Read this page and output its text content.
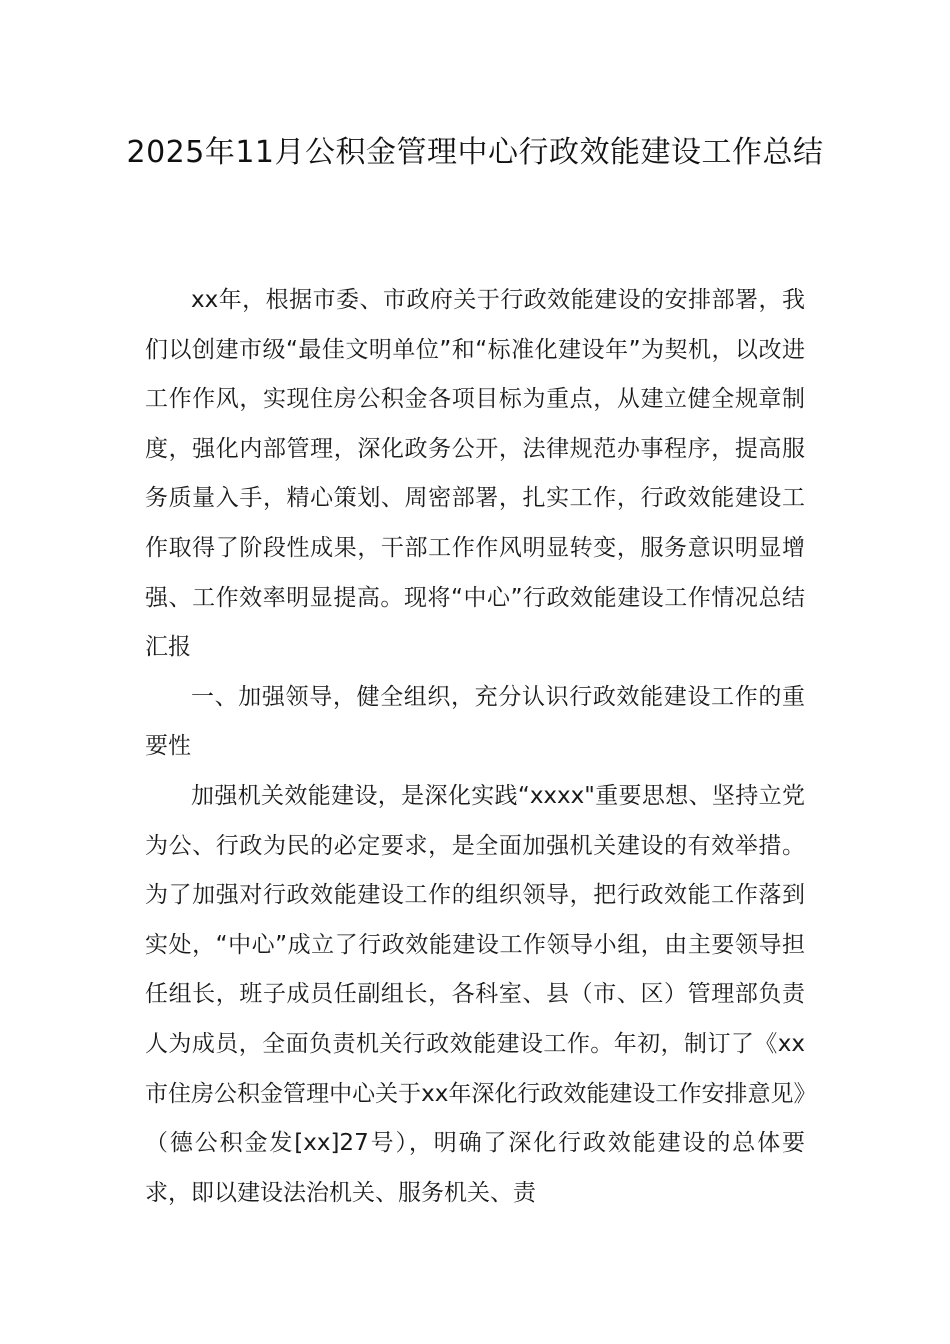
2025年11月公积金管理中心行政效能建设工作总结

xx年，根据市委、市政府关于行政效能建设的安排部署，我们以创建市级“最佳文明单位”和“标准化建设年”为契机，以改进工作作风，实现住房公积金各项目标为重点，从建立健全规章制度，强化内部管理，深化政务公开，法律规范办事程序，提高服务质量入手，精心策划、周密部署，扎实工作，行政效能建设工作取得了阶段性成果，干部工作作风明显转变，服务意识明显增强、工作效率明显提高。现将“中心”行政效能建设工作情况总结汇报

一、加强领导，健全组织，充分认识行政效能建设工作的重要性

加强机关效能建设，是深化实践“xxxx"重要思想、坚持立党为公、行政为民的必定要求，是全面加强机关建设的有效举措。为了加强对行政效能建设工作的组织领导，把行政效能工作落到实处，“中心”成立了行政效能建设工作领导小组，由主要领导担任组长，班子成员任副组长，各科室、县（市、区）管理部负责人为成员，全面负责机关行政效能建设工作。年初，制订了《xx市住房公积金管理中心关于xx年深化行政效能建设工作安排意见》（德公积金发[xx]27号），明确了深化行政效能建设的总体要求，即以建设法治机关、服务机关、责
